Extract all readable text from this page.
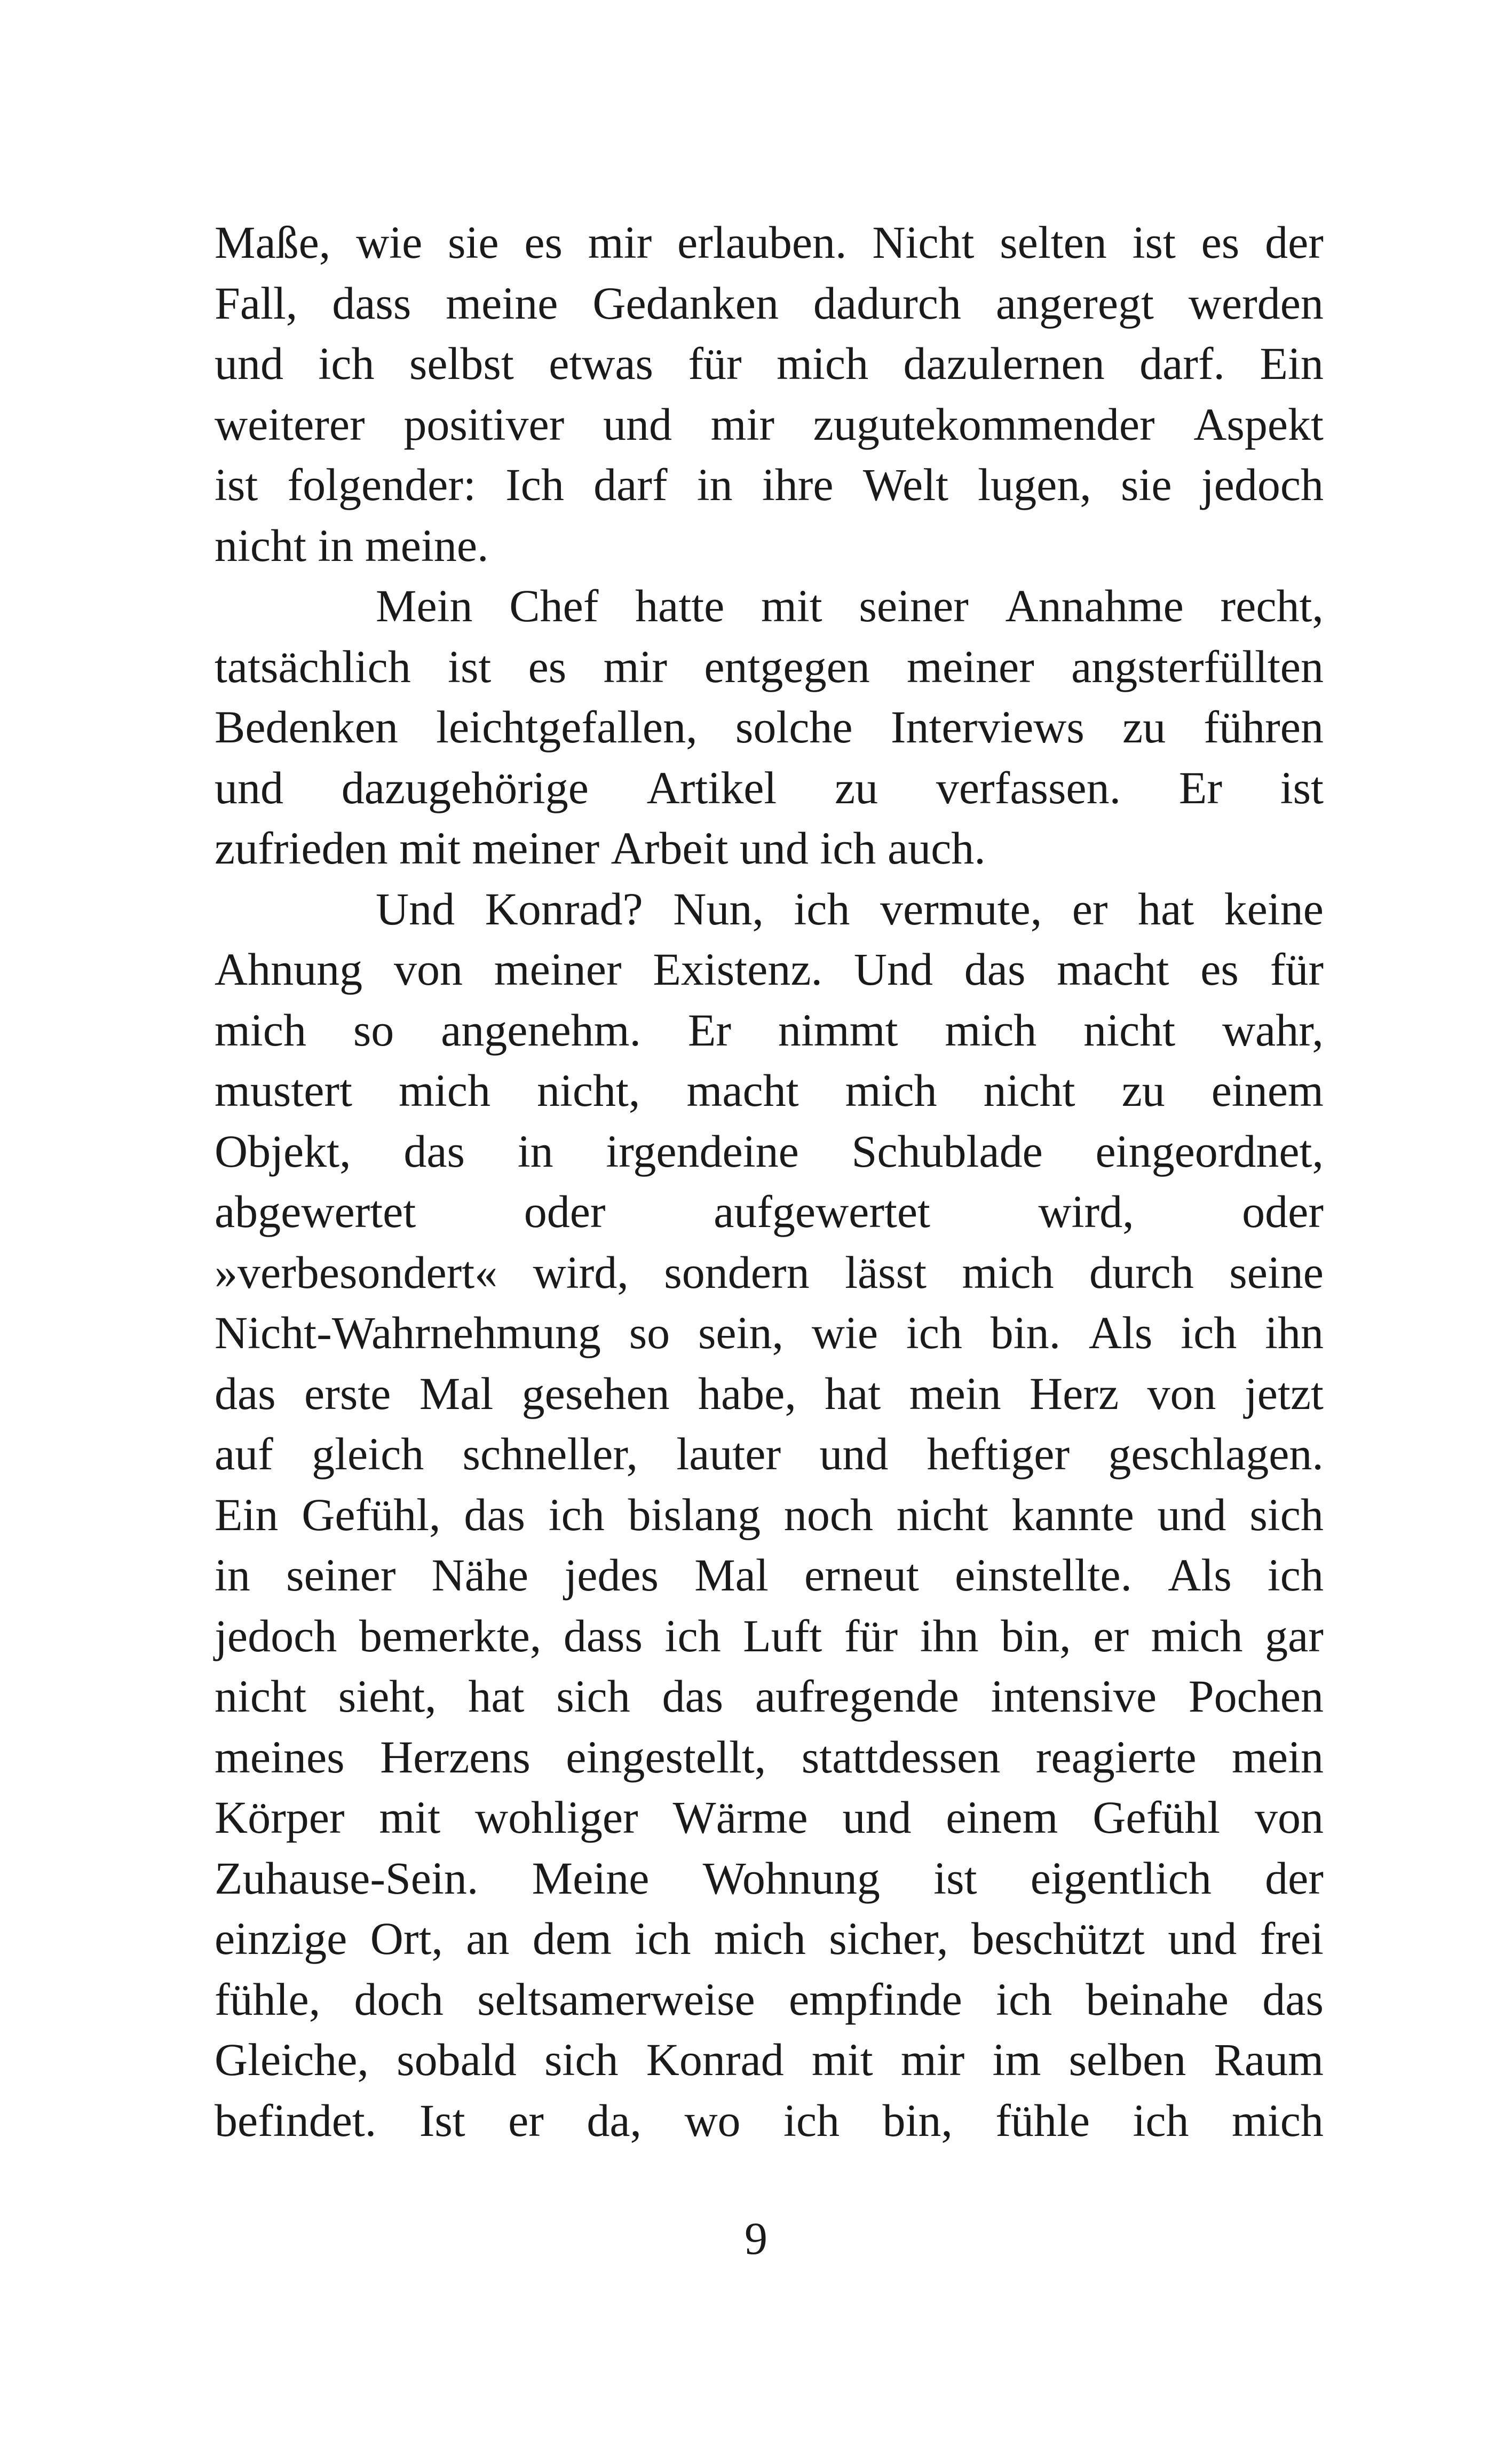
Maße, wie sie es mir erlauben. Nicht selten ist es der
Fall, dass meine Gedanken dadurch angeregt werden
und ich selbst etwas für mich dazulernen darf. Ein
weiterer positiver und mir zugutekommender Aspekt
ist folgender: Ich darf in ihre Welt lugen, sie jedoch
nicht in meine.
Mein Chef hatte mit seiner Annahme recht,
tatsächlich ist es mir entgegen meiner angsterfüllten
Bedenken leichtgefallen, solche Interviews zu führen
und dazugehörige Artikel zu verfassen. Er ist
zufrieden mit meiner Arbeit und ich auch.
Und Konrad? Nun, ich vermute, er hat keine
Ahnung von meiner Existenz. Und das macht es für
mich so angenehm. Er nimmt mich nicht wahr,
mustert mich nicht, macht mich nicht zu einem
Objekt, das in irgendeine Schublade eingeordnet,
abgewertet oder aufgewertet wird, oder
»verbesondert« wird, sondern lässt mich durch seine
Nicht-Wahrnehmung so sein, wie ich bin. Als ich ihn
das erste Mal gesehen habe, hat mein Herz von jetzt
auf gleich schneller, lauter und heftiger geschlagen.
Ein Gefühl, das ich bislang noch nicht kannte und sich
in seiner Nähe jedes Mal erneut einstellte. Als ich
jedoch bemerkte, dass ich Luft für ihn bin, er mich gar
nicht sieht, hat sich das aufregende intensive Pochen
meines Herzens eingestellt, stattdessen reagierte mein
Körper mit wohliger Wärme und einem Gefühl von
Zuhause-Sein. Meine Wohnung ist eigentlich der
einzige Ort, an dem ich mich sicher, beschützt und frei
fühle, doch seltsamerweise empfinde ich beinahe das
Gleiche, sobald sich Konrad mit mir im selben Raum
befindet. Ist er da, wo ich bin, fühle ich mich
9
